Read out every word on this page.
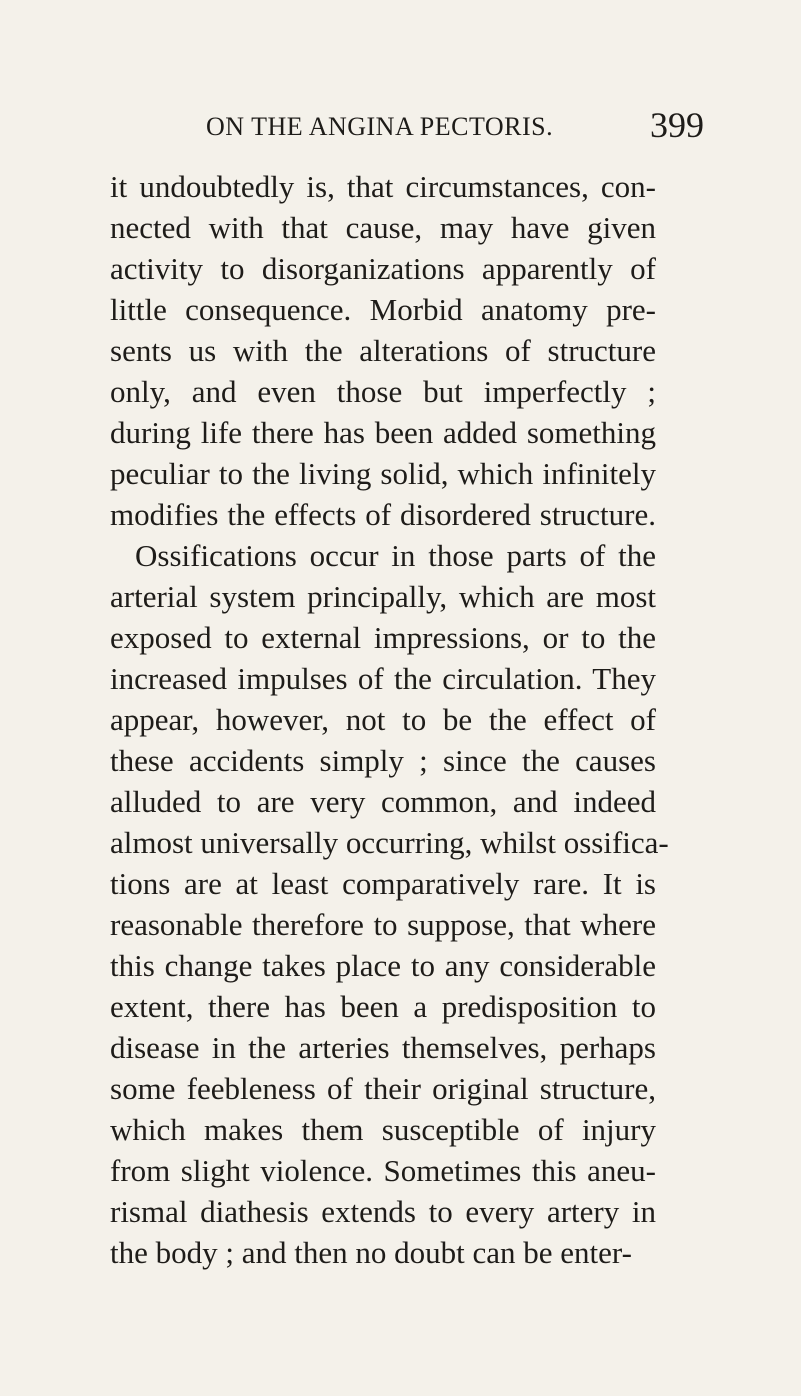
ON THE ANGINA PECTORIS.	399
it undoubtedly is, that circumstances, con-
nected with that cause, may have given
activity to disorganizations apparently of
little consequence. Morbid anatomy pre-
sents us with the alterations of structure
only, and even those but imperfectly ;
during life there has been added something
peculiar to the living solid, which infinitely
modifies the effects of disordered structure.
Ossifications occur in those parts of the
arterial system principally, which are most
exposed to external impressions, or to the
increased impulses of the circulation. They
appear, however, not to be the effect of
these accidents simply ; since the causes
alluded to are very common, and indeed
almost universally occurring, whilst ossifica-
tions are at least comparatively rare. It is
reasonable therefore to suppose, that where
this change takes place to any considerable
extent, there has been a predisposition to
disease in the arteries themselves, perhaps
some feebleness of their original structure,
which makes them susceptible of injury
from slight violence. Sometimes this aneu-
rismal diathesis extends to every artery in
the body ; and then no doubt can be enter-
